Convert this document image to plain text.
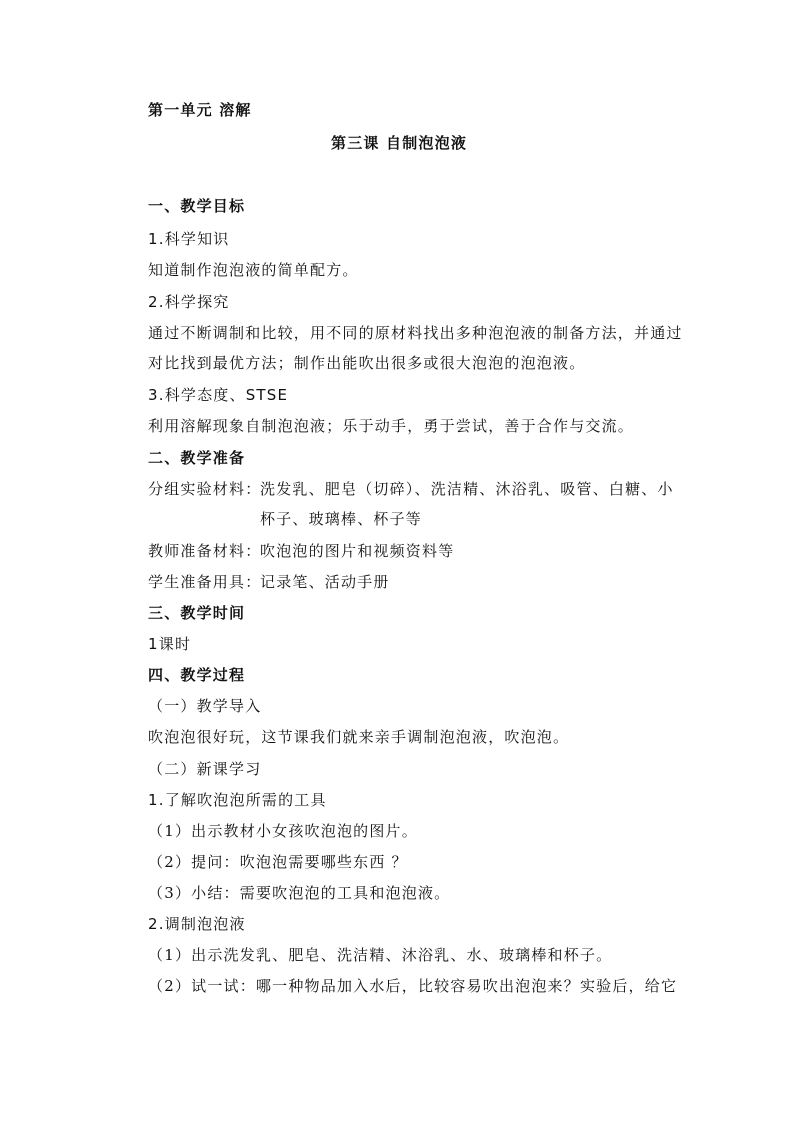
第一单元 溶解
第三课 自制泡泡液
一、教学目标
1.科学知识
知道制作泡泡液的简单配方。
2.科学探究
通过不断调制和比较，用不同的原材料找出多种泡泡液的制备方法，并通过
对比找到最优方法；制作出能吹出很多或很大泡泡的泡泡液。
3.科学态度、STSE
利用溶解现象自制泡泡液；乐于动手，勇于尝试，善于合作与交流。
二、教学准备
分组实验材料：
洗发乳、肥皂（切碎）、洗洁精、沐浴乳、吸管、白糖、小
杯子、玻璃棒、杯子等
教师准备材料：
吹泡泡的图片和视频资料等
学生准备用具：
记录笔、活动手册
三、教学时间
1课时
四、教学过程
（一）教学导入
吹泡泡很好玩，这节课我们就来亲手调制泡泡液，吹泡泡。
（二）新课学习
1.了解吹泡泡所需的工具
（1）出示教材小女孩吹泡泡的图片。
（2）提问：吹泡泡需要哪些东西 ？
（3）小结：需要吹泡泡的工具和泡泡液。
2.调制泡泡液
（1）出示洗发乳、肥皂、洗洁精、沐浴乳、水、玻璃棒和杯子。
（2）试一试：哪一种物品加入水后，比较容易吹出泡泡来？实验后，给它
